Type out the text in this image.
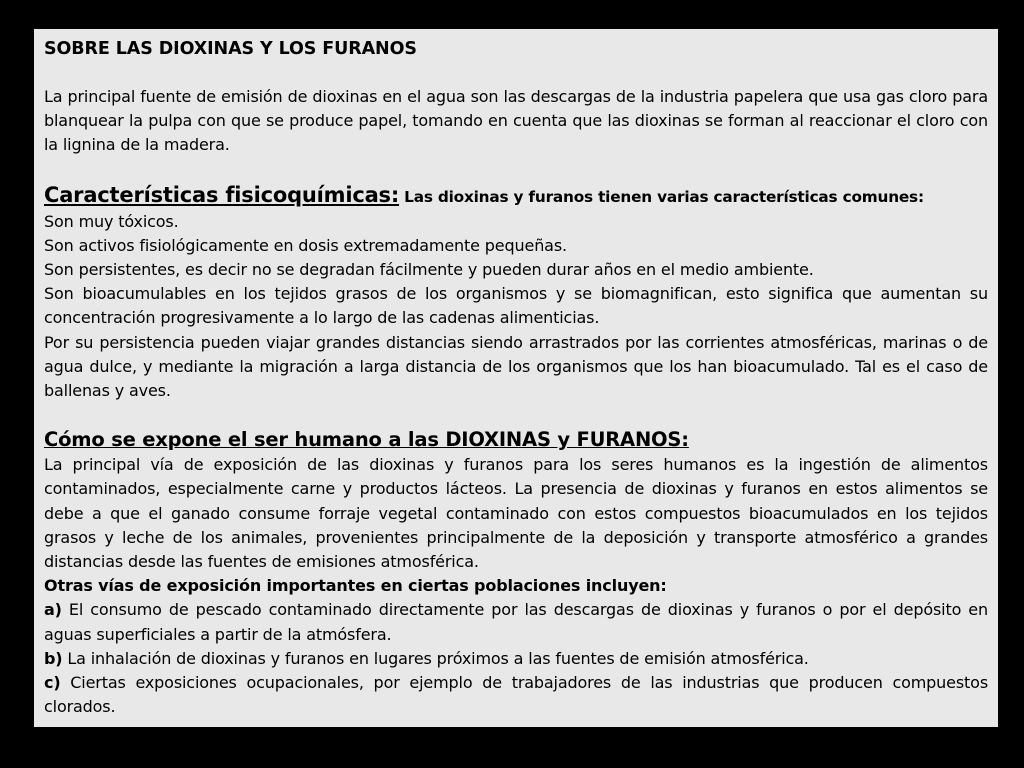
SOBRE LAS DIOXINAS Y LOS FURANOS

La principal fuente de emisión de dioxinas en el agua son las descargas de la industria papelera que usa gas cloro para blanquear la pulpa con que se produce papel, tomando en cuenta que las dioxinas se forman al reaccionar el cloro con la lignina de la madera.

Características fisicoquímicas: Las dioxinas y furanos tienen varias características comunes:

Son muy tóxicos.

Son activos fisiológicamente en dosis extremadamente pequeñas.

Son persistentes, es decir no se degradan fácilmente y pueden durar años en el medio ambiente.

Son bioacumulables en los tejidos grasos de los organismos y se biomagnifican, esto significa que aumentan su concentración progresivamente a lo largo de las cadenas alimenticias.

Por su persistencia pueden viajar grandes distancias siendo arrastrados por las corrientes atmosféricas, marinas o de agua dulce, y mediante la migración a larga distancia de los organismos que los han bioacumulado. Tal es el caso de ballenas y aves.

Cómo se expone el ser humano a las DIOXINAS y FURANOS:

La principal vía de exposición de las dioxinas y furanos para los seres humanos es la ingestión de alimentos contaminados, especialmente carne y productos lácteos. La presencia de dioxinas y furanos en estos alimentos se debe a que el ganado consume forraje vegetal contaminado con estos compuestos bioacumulados en los tejidos grasos y leche de los animales, provenientes principalmente de la deposición y transporte atmosférico a grandes distancias desde las fuentes de emisiones atmosférica.

Otras vías de exposición importantes en ciertas poblaciones incluyen:

a) El consumo de pescado contaminado directamente por las descargas de dioxinas y furanos o por el depósito en aguas superficiales a partir de la atmósfera.

b) La inhalación de dioxinas y furanos en lugares próximos a las fuentes de emisión atmosférica.

c) Ciertas exposiciones ocupacionales, por ejemplo de trabajadores de las industrias que producen compuestos clorados.
